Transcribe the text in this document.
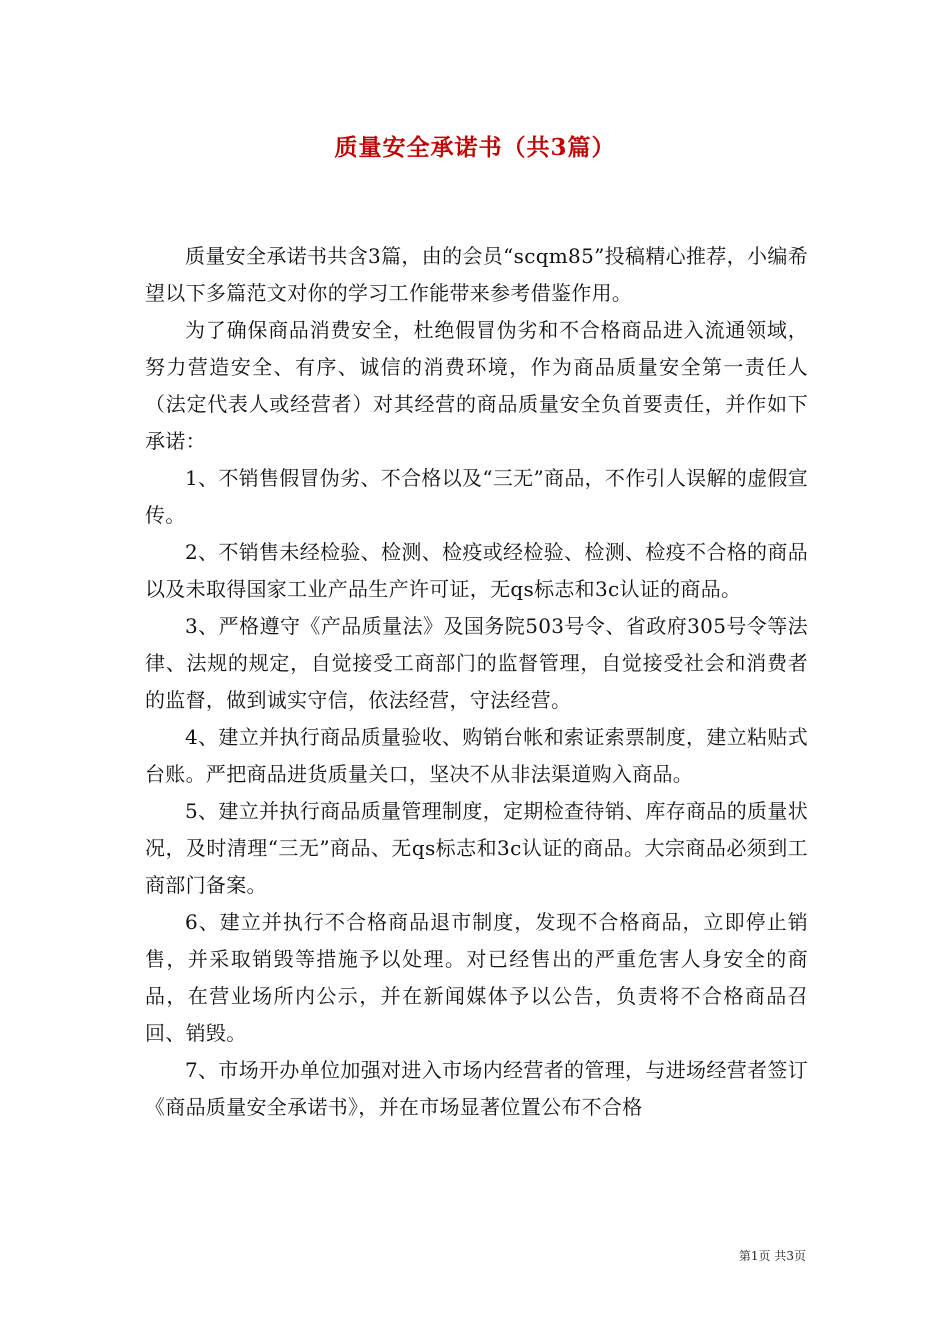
质量安全承诺书（共3篇）

质量安全承诺书共含3篇，由的会员“scqm85”投稿精心推荐，小编希望以下多篇范文对你的学习工作能带来参考借鉴作用。

为了确保商品消费安全，杜绝假冒伪劣和不合格商品进入流通领域，努力营造安全、有序、诚信的消费环境，作为商品质量安全第一责任人（法定代表人或经营者）对其经营的商品质量安全负首要责任，并作如下承诺：

1、不销售假冒伪劣、不合格以及“三无”商品，不作引人误解的虚假宣传。

2、不销售未经检验、检测、检疫或经检验、检测、检疫不合格的商品以及未取得国家工业产品生产许可证，无qs标志和3c认证的商品。

3、严格遵守《产品质量法》及国务院503号令、省政府305号令等法律、法规的规定，自觉接受工商部门的监督管理，自觉接受社会和消费者的监督，做到诚实守信，依法经营，守法经营。

4、建立并执行商品质量验收、购销台帐和索证索票制度，建立粘贴式台账。严把商品进货质量关口，坚决不从非法渠道购入商品。

5、建立并执行商品质量管理制度，定期检查待销、库存商品的质量状况，及时清理“三无”商品、无qs标志和3c认证的商品。大宗商品必须到工商部门备案。

6、建立并执行不合格商品退市制度，发现不合格商品，立即停止销售，并采取销毁等措施予以处理。对已经售出的严重危害人身安全的商品，在营业场所内公示，并在新闻媒体予以公告，负责将不合格商品召回、销毁。

7、市场开办单位加强对进入市场内经营者的管理，与进场经营者签订《商品质量安全承诺书》，并在市场显著位置公布不合格

第1页 共3页
